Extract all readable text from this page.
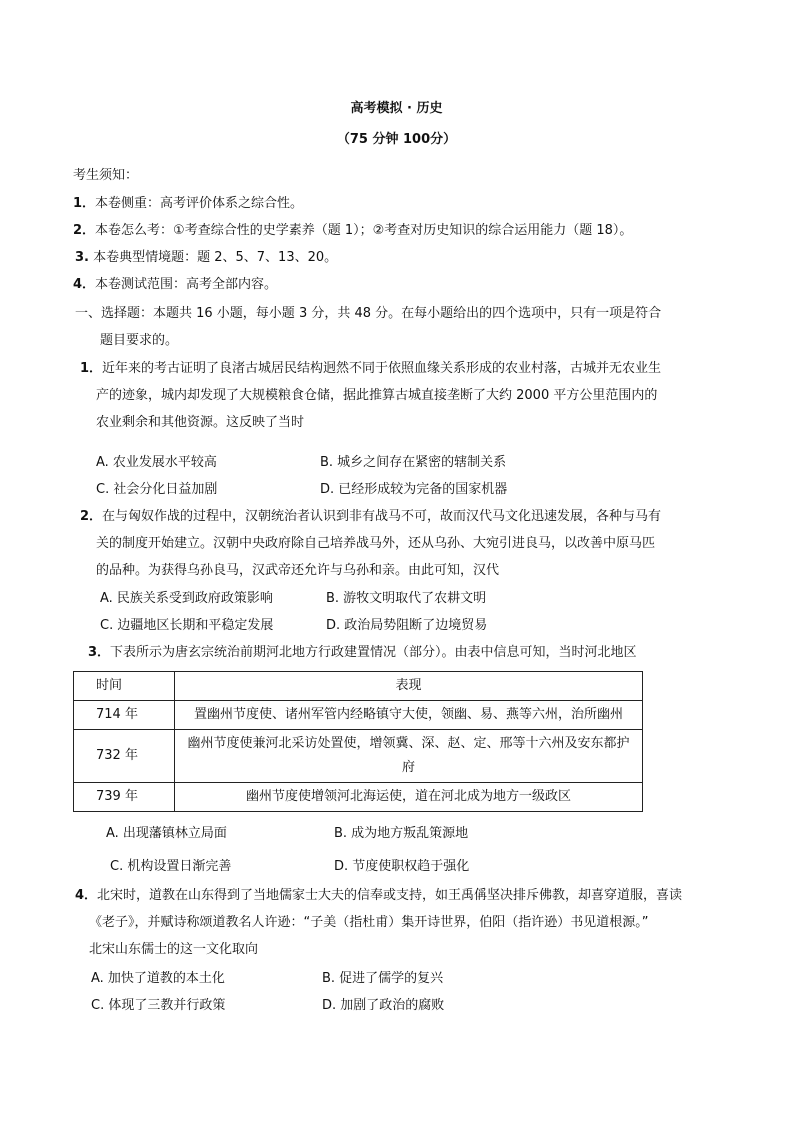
高考模拟 · 历史
（75 分钟 100分）
考生须知：
1．本卷侧重：高考评价体系之综合性。
2．本卷怎么考：①考查综合性的史学素养（题 1）；②考查对历史知识的综合运用能力（题 18）。
3. 本卷典型情境题：题 2、5、7、13、20。
4．本卷测试范围：高考全部内容。
一、选择题：本题共 16 小题，每小题 3 分，共 48 分。在每小题给出的四个选项中，只有一项是符合
题目要求的。
1．近年来的考古证明了良渚古城居民结构迥然不同于依照血缘关系形成的农业村落，古城并无农业生
产的迹象，城内却发现了大规模粮食仓储，据此推算古城直接垄断了大约 2000 平方公里范围内的
农业剩余和其他资源。这反映了当时
A. 农业发展水平较高	B. 城乡之间存在紧密的辖制关系
C. 社会分化日益加剧	D. 已经形成较为完备的国家机器
2．在与匈奴作战的过程中，汉朝统治者认识到非有战马不可，故而汉代马文化迅速发展，各种与马有
关的制度开始建立。汉朝中央政府除自己培养战马外，还从乌孙、大宛引进良马，以改善中原马匹
的品种。为获得乌孙良马，汉武帝还允许与乌孙和亲。由此可知，汉代
A. 民族关系受到政府政策影响	B. 游牧文明取代了农耕文明
C. 边疆地区长期和平稳定发展	D. 政治局势阻断了边境贸易
3．下表所示为唐玄宗统治前期河北地方行政建置情况（部分）。由表中信息可知，当时河北地区
时间	表现
714 年	置幽州节度使、诸州军管内经略镇守大使，领幽、易、燕等六州，治所幽州
732 年	幽州节度使兼河北采访处置使，增领冀、深、赵、定、邢等十六州及安东都护
府
739 年	幽州节度使增领河北海运使，道在河北成为地方一级政区
A. 出现藩镇林立局面	B. 成为地方叛乱策源地
C. 机构设置日渐完善	D. 节度使职权趋于强化
4．北宋时，道教在山东得到了当地儒家士大夫的信奉或支持，如王禹偁坚决排斥佛教，却喜穿道服，喜读
《老子》，并赋诗称颂道教名人许逊：“子美（指杜甫）集开诗世界，伯阳（指许逊）书见道根源。”
北宋山东儒士的这一文化取向
A. 加快了道教的本土化	B. 促进了儒学的复兴
C. 体现了三教并行政策	D. 加剧了政治的腐败
